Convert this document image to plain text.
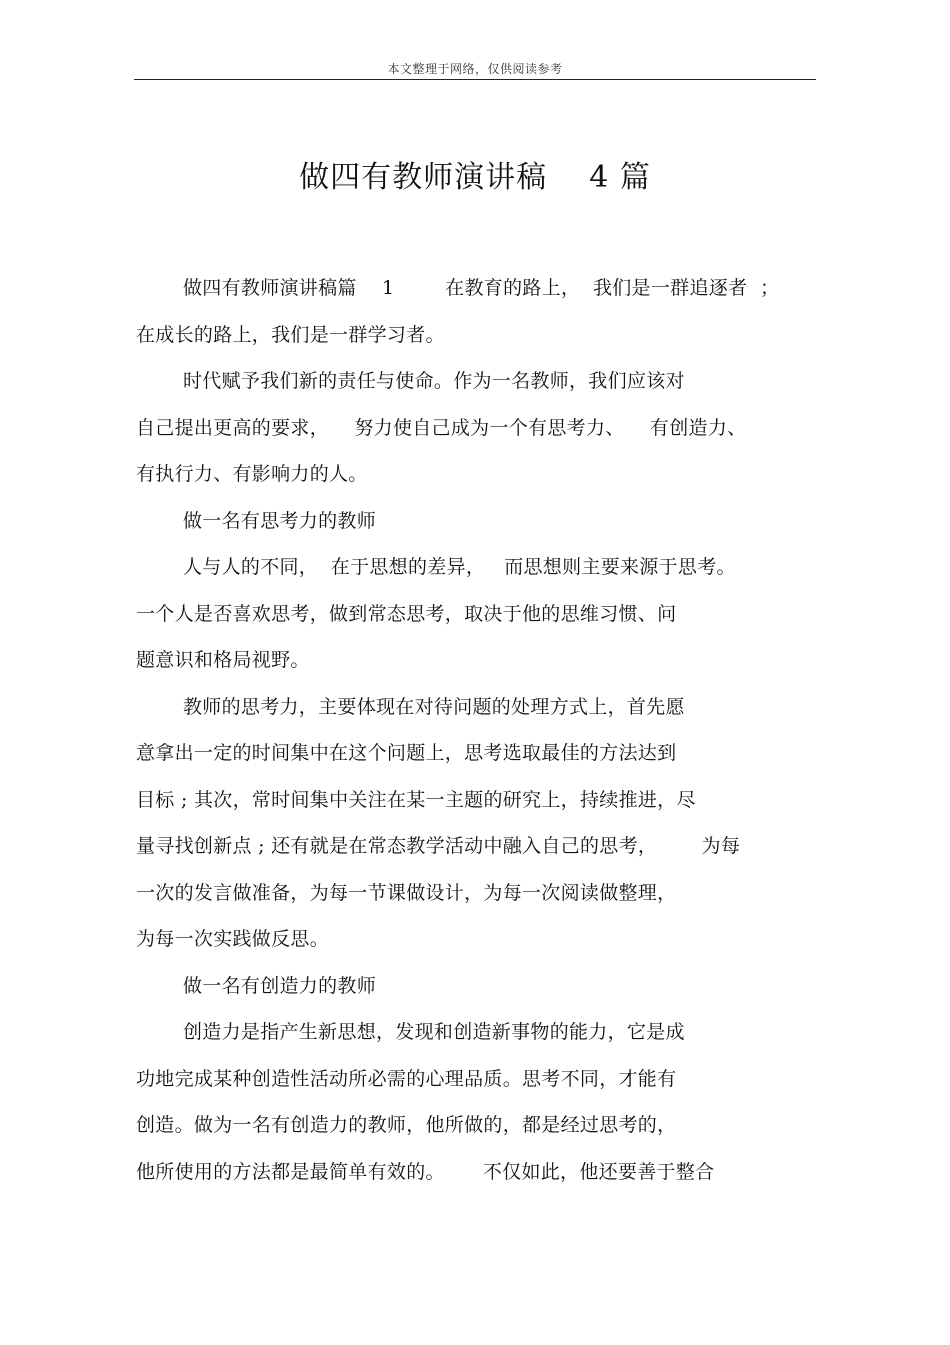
本文整理于网络，仅供阅读参考
做四有教师演讲稿    4 篇
做四有教师演讲稿篇    1        在教育的路上，  我们是一群追逐者  ；
在成长的路上，我们是一群学习者。
时代赋予我们新的责任与使命。作为一名教师，我们应该对
自己提出更高的要求，    努力使自己成为一个有思考力、    有创造力、
有执行力、有影响力的人。
做一名有思考力的教师
人与人的不同，  在于思想的差异，   而思想则主要来源于思考。
一个人是否喜欢思考，做到常态思考，取决于他的思维习惯、问
题意识和格局视野。
教师的思考力，主要体现在对待问题的处理方式上，首先愿
意拿出一定的时间集中在这个问题上，思考选取最佳的方法达到
目标 ; 其次，常时间集中关注在某一主题的研究上，持续推进，尽
量寻找创新点 ; 还有就是在常态教学活动中融入自己的思考，       为每
一次的发言做准备，为每一节课做设计，为每一次阅读做整理，
为每一次实践做反思。
做一名有创造力的教师
创造力是指产生新思想，发现和创造新事物的能力，它是成
功地完成某种创造性活动所必需的心理品质。思考不同，才能有
创造。做为一名有创造力的教师，他所做的，都是经过思考的，
他所使用的方法都是最简单有效的。      不仅如此，他还要善于整合
